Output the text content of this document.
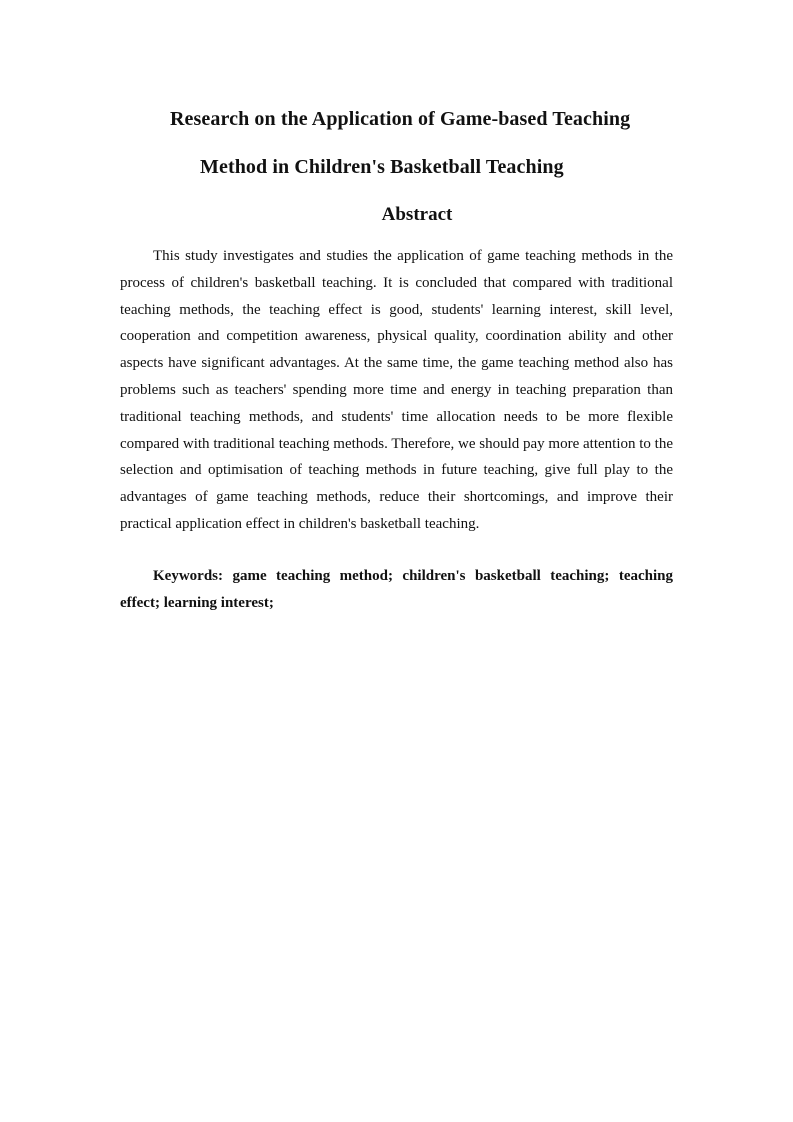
Research on the Application of Game-based Teaching
Method in Children's Basketball Teaching
Abstract

This study investigates and studies the application of game teaching methods in the process of children's basketball teaching. It is concluded that compared with traditional teaching methods, the teaching effect is good, students' learning interest, skill level, cooperation and competition awareness, physical quality, coordination ability and other aspects have significant advantages. At the same time, the game teaching method also has problems such as teachers' spending more time and energy in teaching preparation than traditional teaching methods, and students' time allocation needs to be more flexible compared with traditional teaching methods. Therefore, we should pay more attention to the selection and optimisation of teaching methods in future teaching, give full play to the advantages of game teaching methods, reduce their shortcomings, and improve their practical application effect in children's basketball teaching.

Keywords: game teaching method; children's basketball teaching; teaching effect; learning interest;
